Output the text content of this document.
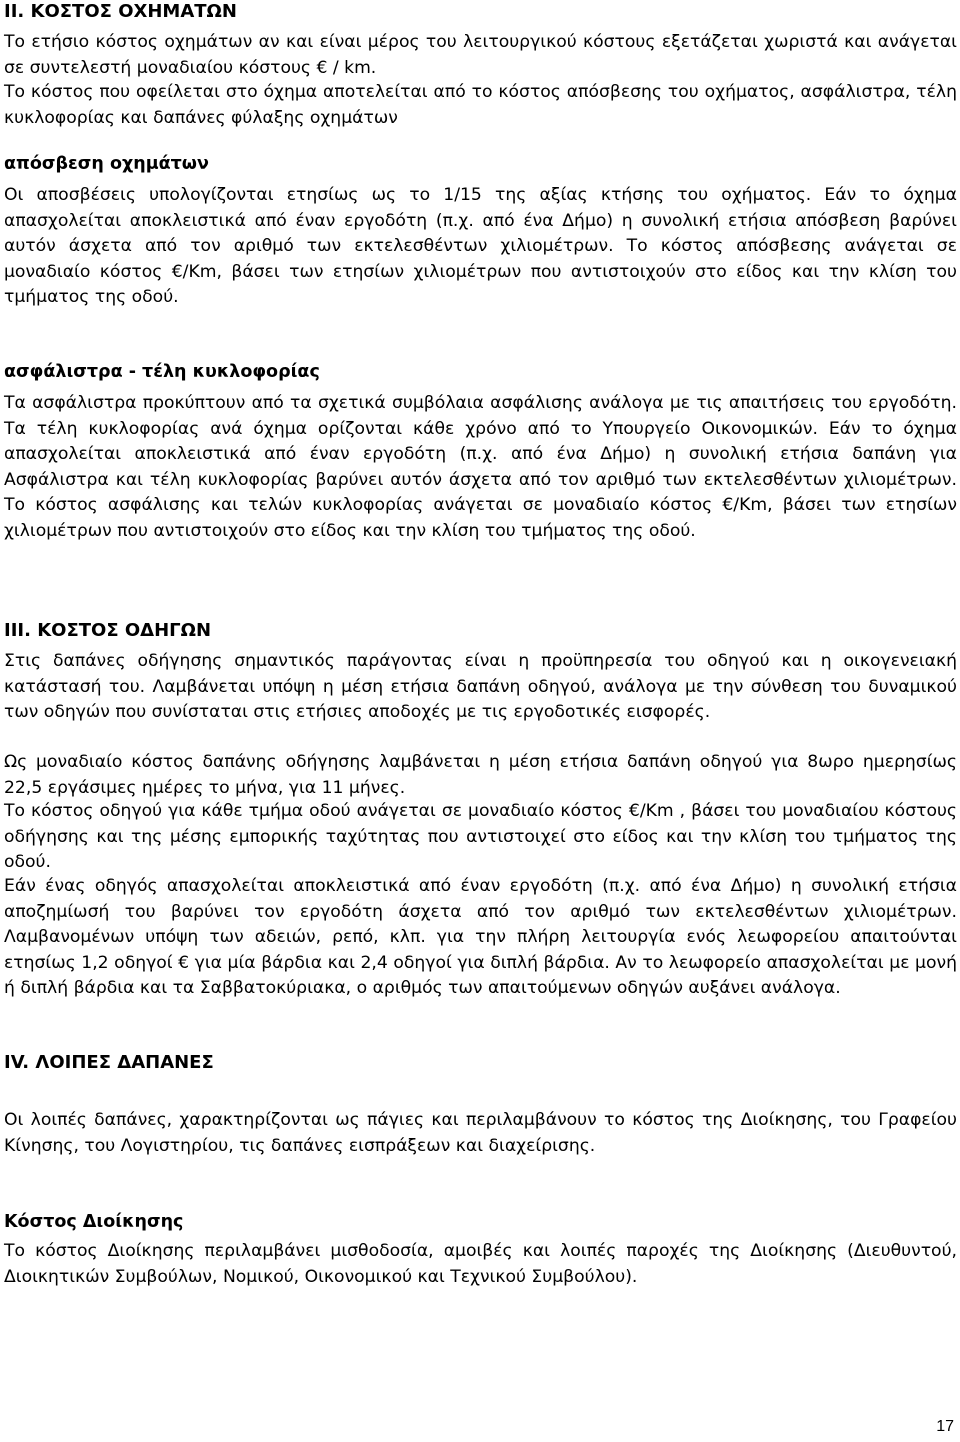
ΙΙ. ΚΟΣΤΟΣ ΟΧΗΜΑΤΩΝ

Το ετήσιο κόστος οχημάτων αν και είναι μέρος του λειτουργικού κόστους εξετάζεται χωριστά και ανάγεται σε συντελεστή μοναδιαίου κόστους € / km.

Το κόστος που οφείλεται στο όχημα αποτελείται από το κόστος απόσβεσης του οχήματος, ασφάλιστρα, τέλη κυκλοφορίας και δαπάνες φύλαξης οχημάτων

απόσβεση οχημάτων

Οι αποσβέσεις υπολογίζονται ετησίως ως το 1/15 της αξίας κτήσης του οχήματος. Εάν το όχημα απασχολείται αποκλειστικά από έναν εργοδότη (π.χ. από ένα Δήμο) η συνολική ετήσια απόσβεση βαρύνει αυτόν άσχετα από τον αριθμό των εκτελεσθέντων χιλιομέτρων. Το κόστος απόσβεσης ανάγεται σε μοναδιαίο κόστος €/Km, βάσει των ετησίων χιλιομέτρων που αντιστοιχούν στο είδος και την κλίση του τμήματος της οδού.

ασφάλιστρα - τέλη κυκλοφορίας

Τα ασφάλιστρα προκύπτουν από τα σχετικά συμβόλαια ασφάλισης ανάλογα με τις απαιτήσεις του εργοδότη. Τα τέλη κυκλοφορίας ανά όχημα ορίζονται κάθε χρόνο από το Υπουργείο Οικονομικών. Εάν το όχημα απασχολείται αποκλειστικά από έναν εργοδότη (π.χ. από ένα Δήμο) η συνολική ετήσια δαπάνη για Ασφάλιστρα και τέλη κυκλοφορίας βαρύνει αυτόν άσχετα από τον αριθμό των εκτελεσθέντων χιλιομέτρων. Το κόστος ασφάλισης και τελών κυκλοφορίας ανάγεται σε μοναδιαίο κόστος €/Km, βάσει των ετησίων χιλιομέτρων που αντιστοιχούν στο είδος και την κλίση του τμήματος της οδού.

ΙΙΙ. ΚΟΣΤΟΣ ΟΔΗΓΩΝ

Στις δαπάνες οδήγησης σημαντικός παράγοντας είναι η προϋπηρεσία του οδηγού και η οικογενειακή κατάστασή του. Λαμβάνεται υπόψη η μέση ετήσια δαπάνη οδηγού, ανάλογα με την σύνθεση του δυναμικού των οδηγών που συνίσταται στις ετήσιες αποδοχές με τις εργοδοτικές εισφορές.

Ως μοναδιαίο κόστος δαπάνης οδήγησης λαμβάνεται η μέση ετήσια δαπάνη οδηγού για 8ωρο ημερησίως 22,5 εργάσιμες ημέρες το μήνα, για 11 μήνες.

Το κόστος οδηγού για κάθε τμήμα οδού ανάγεται σε μοναδιαίο κόστος €/Km , βάσει του μοναδιαίου κόστους οδήγησης και της μέσης εμπορικής ταχύτητας που αντιστοιχεί στο είδος και την κλίση του τμήματος της οδού.

Εάν ένας οδηγός απασχολείται αποκλειστικά από έναν εργοδότη (π.χ. από ένα Δήμο) η συνολική ετήσια αποζημίωσή του βαρύνει τον εργοδότη άσχετα από τον αριθμό των εκτελεσθέντων χιλιομέτρων. Λαμβανομένων υπόψη των αδειών, ρεπό, κλπ. για την πλήρη λειτουργία ενός λεωφορείου απαιτούνται ετησίως 1,2 οδηγοί € για μία βάρδια και 2,4 οδηγοί για διπλή βάρδια. Αν το λεωφορείο απασχολείται με μονή ή διπλή βάρδια και τα Σαββατοκύριακα, ο αριθμός των απαιτούμενων οδηγών αυξάνει ανάλογα.

ΙV. ΛΟΙΠΕΣ ΔΑΠΑΝΕΣ

Οι λοιπές δαπάνες, χαρακτηρίζονται ως πάγιες και περιλαμβάνουν το κόστος της Διοίκησης, του Γραφείου Κίνησης, του Λογιστηρίου, τις δαπάνες εισπράξεων και διαχείρισης.

Κόστος Διοίκησης

Το κόστος Διοίκησης περιλαμβάνει μισθοδοσία, αμοιβές και λοιπές παροχές της Διοίκησης (Διευθυντού, Διοικητικών Συμβούλων, Νομικού, Οικονομικού και Τεχνικού Συμβούλου).

17
